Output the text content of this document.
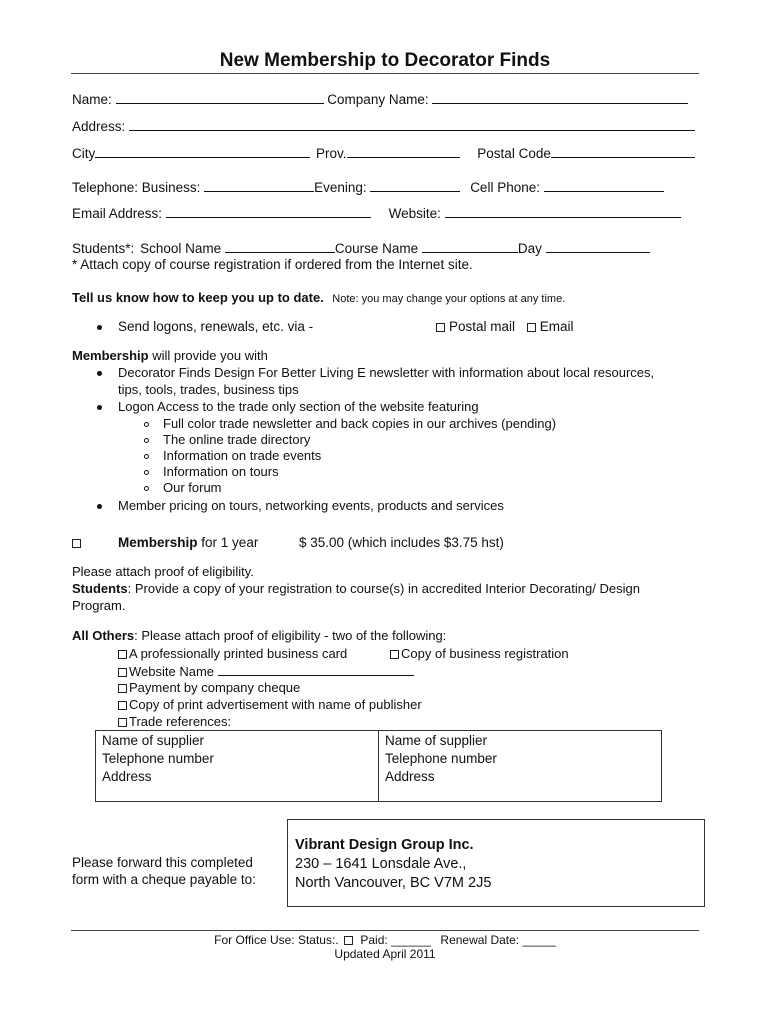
New Membership to Decorator Finds
Name:	Company Name:
Address:
City	Prov.	Postal Code
Telephone: Business:	Evening:	Cell Phone:
Email Address:	Website:
Students*: School Name	Course Name	Day
* Attach copy of course registration if ordered from the Internet site.
Tell us know how to keep you up to date. Note: you may change your options at any time.
Send logons, renewals, etc. via -	Postal mail Email
Membership will provide you with
Decorator Finds Design For Better Living E newsletter with information about local resources,
tips, tools, trades, business tips
Logon Access to the trade only section of the website featuring
Full color trade newsletter and back copies in our archives (pending)
The online trade directory
Information on trade events
Information on tours
Our forum
Member pricing on tours, networking events, products and services
Membership for 1 year	$ 35.00 (which includes $3.75 hst)
Please attach proof of eligibility.
Students: Provide a copy of your registration to course(s) in accredited Interior Decorating/ Design
Program.
All Others: Please attach proof of eligibility - two of the following:
A professionally printed business card	Copy of business registration
Website Name
Payment by company cheque
Copy of print advertisement with name of publisher
Trade references:
Name of supplier
Telephone number
Address

Name of supplier
Telephone number
Address
Please forward this completed
form with a cheque payable to:
Vibrant Design Group Inc.
230 – 1641 Lonsdale Ave.,
North Vancouver, BC V7M 2J5
For Office Use: Status:. Paid: ______ Renewal Date: _____
Updated April 2011
